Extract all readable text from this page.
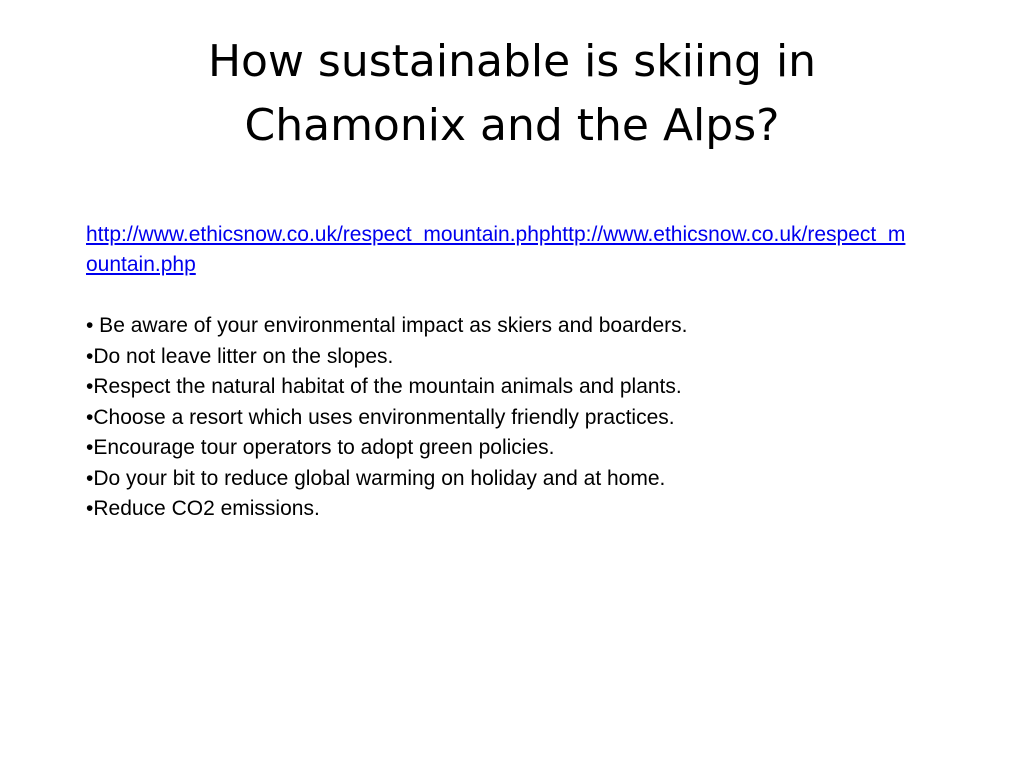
How sustainable is skiing in
Chamonix and the Alps?
http://www.ethicsnow.co.uk/respect_mountain.phphttp://www.ethicsnow.co.uk/respect_mountain.php
• Be aware of your environmental impact as skiers and boarders.
•Do not leave litter on the slopes.
•Respect the natural habitat of the mountain animals and plants.
•Choose a resort which uses environmentally friendly practices.
•Encourage tour operators to adopt green policies.
•Do your bit to reduce global warming on holiday and at home.
•Reduce CO2 emissions.
